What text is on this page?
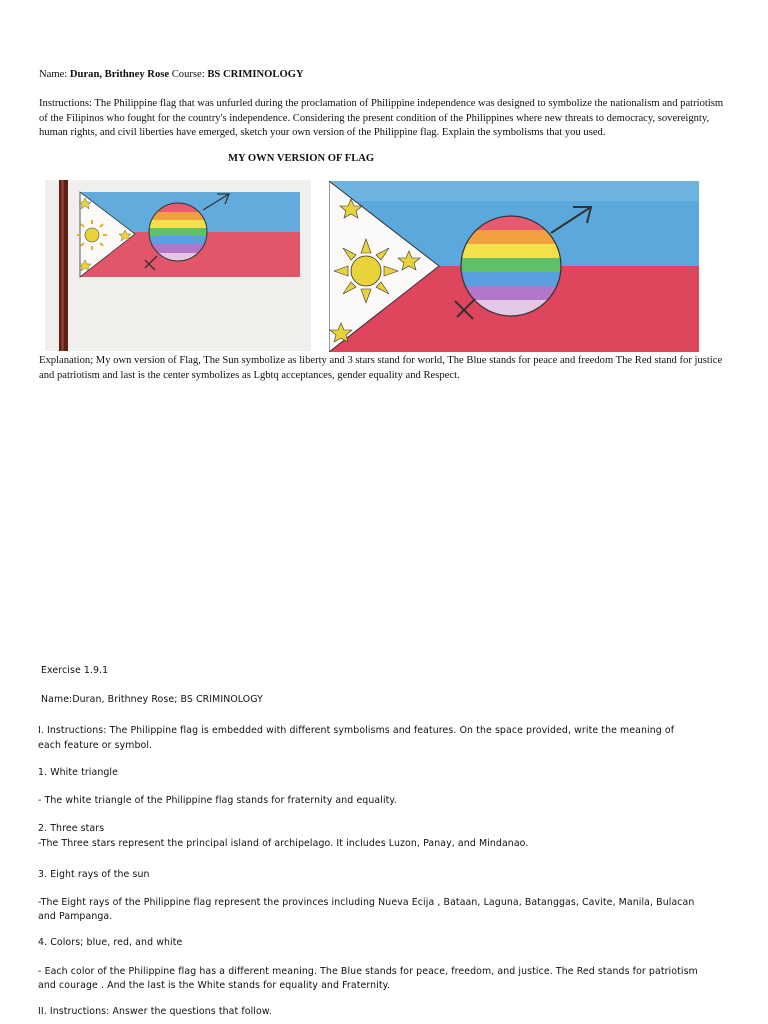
Name: Duran, Brithney Rose Course: BS CRIMINOLOGY
Instructions: The Philippine flag that was unfurled during the proclamation of Philippine independence was designed to symbolize the nationalism and patriotism of the Filipinos who fought for the country's independence. Considering the present condition of the Philippines where new threats to democracy, sovereignty, human rights, and civil liberties have emerged, sketch your own version of the Philippine flag. Explain the symbolisms that you used.
MY OWN VERSION OF FLAG
Explanation; My own version of Flag, The Sun symbolize as liberty and 3 stars stand for world, The Blue stands for peace and freedom The Red stand for justice and patriotism and last is the center symbolizes as Lgbtq acceptances, gender equality and Respect.
Exercise 1.9.1
Name:Duran, Brithney Rose; BS CRIMINOLOGY
I. Instructions: The Philippine flag is embedded with different symbolisms and features. On the space provided, write the meaning of each feature or symbol.
1. White triangle
- The white triangle of the Philippine flag stands for fraternity and equality.
2. Three stars
-The Three stars represent the principal island of archipelago. It includes Luzon, Panay, and Mindanao.
3. Eight rays of the sun
-The Eight rays of the Philippine flag represent the provinces including Nueva Ecija , Bataan, Laguna, Batanggas, Cavite, Manila, Bulacan and Pampanga.
4. Colors; blue, red, and white
- Each color of the Philippine flag has a different meaning. The Blue stands for peace, freedom, and justice. The Red stands for patriotism and courage . And the last is the White stands for equality and Fraternity.
II. Instructions: Answer the questions that follow.
